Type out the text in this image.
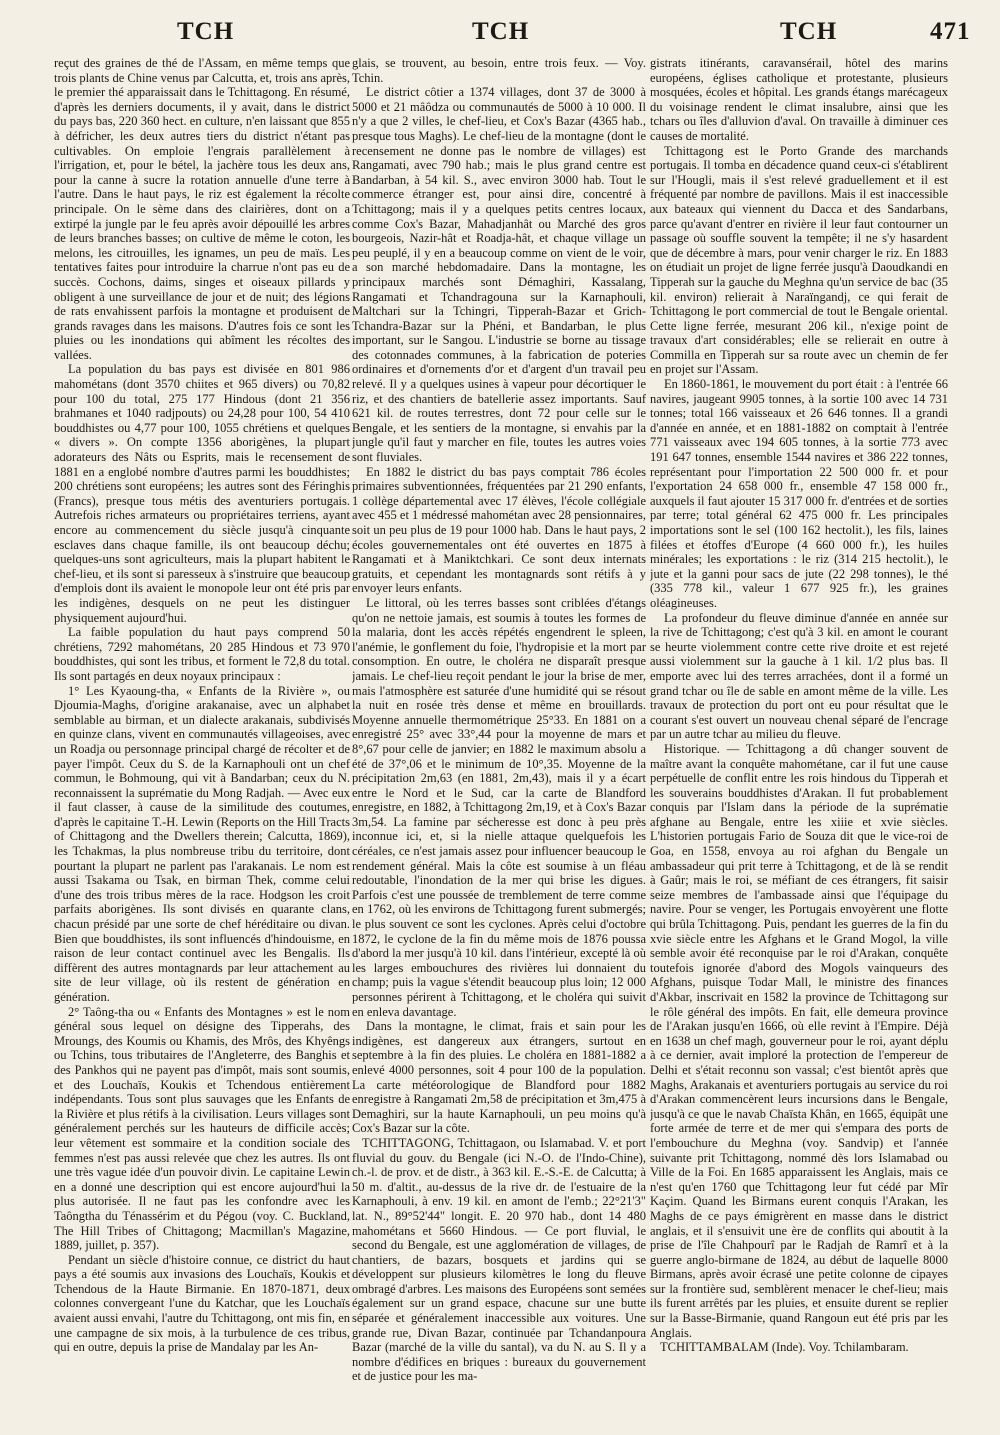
TCH	TCH	TCH	471

reçut des graines de thé de l'Assam, en même temps que trois plants de Chine venus par Calcutta, et, trois ans après, le premier thé apparaissait dans le Tchittagong. En résumé, d'après les derniers documents, il y avait, dans le district du pays bas, 220 360 hect. en culture, n'en laissant que 855 à défricher, les deux autres tiers du district n'étant pas cultivables. On emploie l'engrais parallèlement à l'irrigation, et, pour le bétel, la jachère tous les deux ans, pour la canne à sucre la rotation annuelle d'une terre à l'autre. Dans le haut pays, le riz est également la récolte principale. On le sème dans des clairières, dont on a extirpé la jungle par le feu après avoir dépouillé les arbres de leurs branches basses; on cultive de même le coton, les melons, les citrouilles, les ignames, un peu de maïs. Les tentatives faites pour introduire la charrue n'ont pas eu de succès. Cochons, daims, singes et oiseaux pillards y obligent à une surveillance de jour et de nuit; des légions de rats envahissent parfois la montagne et produisent de grands ravages dans les maisons. D'autres fois ce sont les pluies ou les inondations qui abîment les récoltes des vallées.

La population du bas pays est divisée en 801 986 mahométans (dont 3570 chiites et 965 divers) ou 70,82 pour 100 du total, 275 177 Hindous (dont 21 356 brahmanes et 1040 radjpouts) ou 24,28 pour 100, 54 410 bouddhistes ou 4,77 pour 100, 1055 chrétiens et quelques « divers ». On compte 1356 aborigènes, la plupart adorateurs des Nâts ou Esprits, mais le recensement de 1881 en a englobé nombre d'autres parmi les bouddhistes; 200 chrétiens sont européens; les autres sont des Féringhis (Francs), presque tous métis des aventuriers portugais. Autrefois riches armateurs ou propriétaires terriens, ayant encore au commencement du siècle jusqu'à cinquante esclaves dans chaque famille, ils ont beaucoup déchu; quelques-uns sont agriculteurs, mais la plupart habitent le chef-lieu, et ils sont si paresseux à s'instruire que beaucoup d'emplois dont ils avaient le monopole leur ont été pris par les indigènes, desquels on ne peut les distinguer physiquement aujourd'hui.

La faible population du haut pays comprend 50 chrétiens, 7292 mahométans, 20 285 Hindous et 73 970 bouddhistes, qui sont les tribus, et forment le 72,8 du total. Ils sont partagés en deux noyaux principaux :

1° Les Kyaoung-tha, « Enfants de la Rivière », ou Djoumia-Maghs, d'origine arakanaise, avec un alphabet semblable au birman, et un dialecte arakanais, subdivisés en quinze clans, vivent en communautés villageoises, avec un Roadja ou personnage principal chargé de récolter et de payer l'impôt. Ceux du S. de la Karnaphouli ont un chef commun, le Bohmoung, qui vit à Bandarban; ceux du N. reconnaissent la suprématie du Mong Radjah. — Avec eux il faut classer, à cause de la similitude des coutumes, d'après le capitaine T.-H. Lewin (Reports on the Hill Tracts of Chittagong and the Dwellers therein; Calcutta, 1869), les Tchakmas, la plus nombreuse tribu du territoire, dont pourtant la plupart ne parlent pas l'arakanais. Le nom est aussi Tsakama ou Tsak, en birman Thek, comme celui d'une des trois tribus mères de la race. Hodgson les croit parfaits aborigènes. Ils sont divisés en quarante clans, chacun présidé par une sorte de chef héréditaire ou divan. Bien que bouddhistes, ils sont influencés d'hindouisme, en raison de leur contact continuel avec les Bengalis. Ils diffèrent des autres montagnards par leur attachement au site de leur village, où ils restent de génération en génération.

2° Taông-tha ou « Enfants des Montagnes » est le nom général sous lequel on désigne des Tipperahs, des Mroungs, des Koumis ou Khamis, des Mrôs, des Khyêngs ou Tchins, tous tributaires de l'Angleterre, des Banghis et des Pankhos qui ne payent pas d'impôt, mais sont soumis, et des Louchaïs, Koukis et Tchendous entièrement indépendants. Tous sont plus sauvages que les Enfants de la Rivière et plus rétifs à la civilisation. Leurs villages sont généralement perchés sur les hauteurs de difficile accès; leur vêtement est sommaire et la condition sociale des femmes n'est pas aussi relevée que chez les autres. Ils ont une très vague idée d'un pouvoir divin. Le capitaine Lewin en a donné une description qui est encore aujourd'hui la plus autorisée. Il ne faut pas les confondre avec les Taôngtha du Ténassérim et du Pégou (voy. C. Buckland, The Hill Tribes of Chittagong; Macmillan's Magazine, 1889, juillet, p. 357).

Pendant un siècle d'histoire connue, ce district du haut pays a été soumis aux invasions des Louchaïs, Koukis et Tchendous de la Haute Birmanie. En 1870-1871, deux colonnes convergeant l'une du Katchar, que les Louchaïs avaient aussi envahi, l'autre du Tchittagong, ont mis fin, en une campagne de six mois, à la turbulence de ces tribus, qui en outre, depuis la prise de Mandalay par les An-

glais, se trouvent, au besoin, entre trois feux. — Voy. Tchin.

Le district côtier a 1374 villages, dont 37 de 3000 à 5000 et 21 mâôdza ou communautés de 5000 à 10 000. Il n'y a que 2 villes, le chef-lieu, et Cox's Bazar (4365 hab., presque tous Maghs). Le chef-lieu de la montagne (dont le recensement ne donne pas le nombre de villages) est Rangamati, avec 790 hab.; mais le plus grand centre est Bandarban, à 54 kil. S., avec environ 3000 hab. Tout le commerce étranger est, pour ainsi dire, concentré à Tchittagong; mais il y a quelques petits centres locaux, comme Cox's Bazar, Mahadjanhât ou Marché des gros bourgeois, Nazir-hât et Roadja-hât, et chaque village un peu peuplé, il y en a beaucoup comme on vient de le voir, a son marché hebdomadaire. Dans la montagne, les principaux marchés sont Démaghiri, Kassalang, Rangamati et Tchandragouna sur la Karnaphouli, Maltchari sur la Tchingri, Tipperah-Bazar et Grich-Tchandra-Bazar sur la Phéni, et Bandarban, le plus important, sur le Sangou. L'industrie se borne au tissage des cotonnades communes, à la fabrication de poteries ordinaires et d'ornements d'or et d'argent d'un travail peu relevé. Il y a quelques usines à vapeur pour décortiquer le riz, et des chantiers de batellerie assez importants. Sauf 621 kil. de routes terrestres, dont 72 pour celle sur le Bengale, et les sentiers de la montagne, si envahis par la jungle qu'il faut y marcher en file, toutes les autres voies sont fluviales.

En 1882 le district du bas pays comptait 786 écoles primaires subventionnées, fréquentées par 21 290 enfants, 1 collège départemental avec 17 élèves, l'école collégiale avec 455 et 1 médressé mahométan avec 28 pensionnaires, soit un peu plus de 19 pour 1000 hab. Dans le haut pays, 2 écoles gouvernementales ont été ouvertes en 1875 à Rangamati et à Maniktchkari. Ce sont deux internats gratuits, et cependant les montagnards sont rétifs à y envoyer leurs enfants.

Le littoral, où les terres basses sont criblées d'étangs qu'on ne nettoie jamais, est soumis à toutes les formes de la malaria, dont les accès répétés engendrent le spleen, l'anémie, le gonflement du foie, l'hydropisie et la mort par consomption. En outre, le choléra ne disparaît presque jamais. Le chef-lieu reçoit pendant le jour la brise de mer, mais l'atmosphère est saturée d'une humidité qui se résout la nuit en rosée très dense et même en brouillards. Moyenne annuelle thermométrique 25°33. En 1881 on a enregistré 25° avec 33°,44 pour la moyenne de mars et 8°,67 pour celle de janvier; en 1882 le maximum absolu a été de 37°,06 et le minimum de 10°,35. Moyenne de la précipitation 2m,63 (en 1881, 2m,43), mais il y a écart entre le Nord et le Sud, car la carte de Blandford enregistre, en 1882, à Tchittagong 2m,19, et à Cox's Bazar 3m,54. La famine par sécheresse est donc à peu près inconnue ici, et, si la nielle attaque quelquefois les céréales, ce n'est jamais assez pour influencer beaucoup le rendement général. Mais la côte est soumise à un fléau redoutable, l'inondation de la mer qui brise les digues. Parfois c'est une poussée de tremblement de terre comme en 1762, où les environs de Tchittagong furent submergés; le plus souvent ce sont les cyclones. Après celui d'octobre 1872, le cyclone de la fin du même mois de 1876 poussa d'abord la mer jusqu'à 10 kil. dans l'intérieur, excepté là où les larges embouchures des rivières lui donnaient du champ; puis la vague s'étendit beaucoup plus loin; 12 000 personnes périrent à Tchittagong, et le choléra qui suivit en enleva davantage.

Dans la montagne, le climat, frais et sain pour les indigènes, est dangereux aux étrangers, surtout en septembre à la fin des pluies. Le choléra en 1881-1882 a enlevé 4000 personnes, soit 4 pour 100 de la population. La carte météorologique de Blandford pour 1882 enregistre à Rangamati 2m,58 de précipitation et 3m,475 à Demaghiri, sur la haute Karnaphouli, un peu moins qu'à Cox's Bazar sur la côte.

TCHITTAGONG, Tchittagaon, ou Islamabad. V. et port fluvial du gouv. du Bengale (ici N.-O. de l'Indo-Chine), ch.-l. de prov. et de distr., à 363 kil. E.-S.-E. de Calcutta; à 50 m. d'altit., au-dessus de la rive dr. de l'estuaire de la Karnaphouli, à env. 19 kil. en amont de l'emb.; 22°21'3" lat. N., 89°52'44" longit. E. 20 970 hab., dont 14 480 mahométans et 5660 Hindous. — Ce port fluvial, le second du Bengale, est une agglomération de villages, de chantiers, de bazars, bosquets et jardins qui se développent sur plusieurs kilomètres le long du fleuve ombragé d'arbres. Les maisons des Européens sont semées également sur un grand espace, chacune sur une butte séparée et généralement inaccessible aux voitures. Une grande rue, Divan Bazar, continuée par Tchandanpoura Bazar (marché de la ville du santal), va du N. au S. Il y a nombre d'édifices en briques : bureaux du gouvernement et de justice pour les ma-

gistrats itinérants, caravansérail, hôtel des marins européens, églises catholique et protestante, plusieurs mosquées, écoles et hôpital. Les grands étangs marécageux du voisinage rendent le climat insalubre, ainsi que les tchars ou îles d'alluvion d'aval. On travaille à diminuer ces causes de mortalité.

Tchittagong est le Porto Grande des marchands portugais. Il tomba en décadence quand ceux-ci s'établirent sur l'Hougli, mais il s'est relevé graduellement et il est fréquenté par nombre de pavillons. Mais il est inaccessible aux bateaux qui viennent du Dacca et des Sandarbans, parce qu'avant d'entrer en rivière il leur faut contourner un passage où souffle souvent la tempête; il ne s'y hasardent que de décembre à mars, pour venir charger le riz. En 1883 on étudiait un projet de ligne ferrée jusqu'à Daoudkandi en Tipperah sur la gauche du Meghna qu'un service de bac (35 kil. environ) relierait à Naraïngandj, ce qui ferait de Tchittagong le port commercial de tout le Bengale oriental. Cette ligne ferrée, mesurant 206 kil., n'exige point de travaux d'art considérables; elle se relierait en outre à Commilla en Tipperah sur sa route avec un chemin de fer en projet sur l'Assam.

En 1860-1861, le mouvement du port était : à l'entrée 66 navires, jaugeant 9905 tonnes, à la sortie 100 avec 14 731 tonnes; total 166 vaisseaux et 26 646 tonnes. Il a grandi d'année en année, et en 1881-1882 on comptait à l'entrée 771 vaisseaux avec 194 605 tonnes, à la sortie 773 avec 191 647 tonnes, ensemble 1544 navires et 386 222 tonnes, représentant pour l'importation 22 500 000 fr. et pour l'exportation 24 658 000 fr., ensemble 47 158 000 fr., auxquels il faut ajouter 15 317 000 fr. d'entrées et de sorties par terre; total général 62 475 000 fr. Les principales importations sont le sel (100 162 hectolit.), les fils, laines filées et étoffes d'Europe (4 660 000 fr.), les huiles minérales; les exportations : le riz (314 215 hectolit.), le jute et la ganni pour sacs de jute (22 298 tonnes), le thé (335 778 kil., valeur 1 677 925 fr.), les graines oléagineuses.

La profondeur du fleuve diminue d'année en année sur la rive de Tchittagong; c'est qu'à 3 kil. en amont le courant se heurte violemment contre cette rive droite et est rejeté aussi violemment sur la gauche à 1 kil. 1/2 plus bas. Il emporte avec lui des terres arrachées, dont il a formé un grand tchar ou île de sable en amont même de la ville. Les travaux de protection du port ont eu pour résultat que le courant s'est ouvert un nouveau chenal séparé de l'encrage par un autre tchar au milieu du fleuve.

Historique. — Tchittagong a dû changer souvent de maître avant la conquête mahométane, car il fut une cause perpétuelle de conflit entre les rois hindous du Tipperah et les souverains bouddhistes d'Arakan. Il fut probablement conquis par l'Islam dans la période de la suprématie afghane au Bengale, entre les xiiie et xvie siècles. L'historien portugais Fario de Souza dit que le vice-roi de Goa, en 1558, envoya au roi afghan du Bengale un ambassadeur qui prit terre à Tchittagong, et de là se rendit à Gaûr; mais le roi, se méfiant de ces étrangers, fit saisir seize membres de l'ambassade ainsi que l'équipage du navire. Pour se venger, les Portugais envoyèrent une flotte qui brûla Tchittagong. Puis, pendant les guerres de la fin du xvie siècle entre les Afghans et le Grand Mogol, la ville semble avoir été reconquise par le roi d'Arakan, conquête toutefois ignorée d'abord des Mogols vainqueurs des Afghans, puisque Todar Mall, le ministre des finances d'Akbar, inscrivait en 1582 la province de Tchittagong sur le rôle général des impôts. En fait, elle demeura province de l'Arakan jusqu'en 1666, où elle revint à l'Empire. Déjà en 1638 un chef magh, gouverneur pour le roi, ayant déplu à ce dernier, avait imploré la protection de l'empereur de Delhi et s'était reconnu son vassal; c'est bientôt après que Maghs, Arakanais et aventuriers portugais au service du roi d'Arakan commencèrent leurs incursions dans le Bengale, jusqu'à ce que le navab Chaïsta Khân, en 1665, équipât une forte armée de terre et de mer qui s'empara des ports de l'embouchure du Meghna (voy. Sandvip) et l'année suivante prit Tchittagong, nommé dès lors Islamabad ou Ville de la Foi. En 1685 apparaissent les Anglais, mais ce n'est qu'en 1760 que Tchittagong leur fut cédé par Mîr Kaçim. Quand les Birmans eurent conquis l'Arakan, les Maghs de ce pays émigrèrent en masse dans le district anglais, et il s'ensuivit une ère de conflits qui aboutit à la prise de l'île Chahpourî par le Radjah de Ramrî et à la guerre anglo-birmane de 1824, au début de laquelle 8000 Birmans, après avoir écrasé une petite colonne de cipayes sur la frontière sud, semblèrent menacer le chef-lieu; mais ils furent arrêtés par les pluies, et ensuite durent se replier sur la Basse-Birmanie, quand Rangoun eut été pris par les Anglais.

TCHITTAMBALAM (Inde). Voy. Tchilambaram.
